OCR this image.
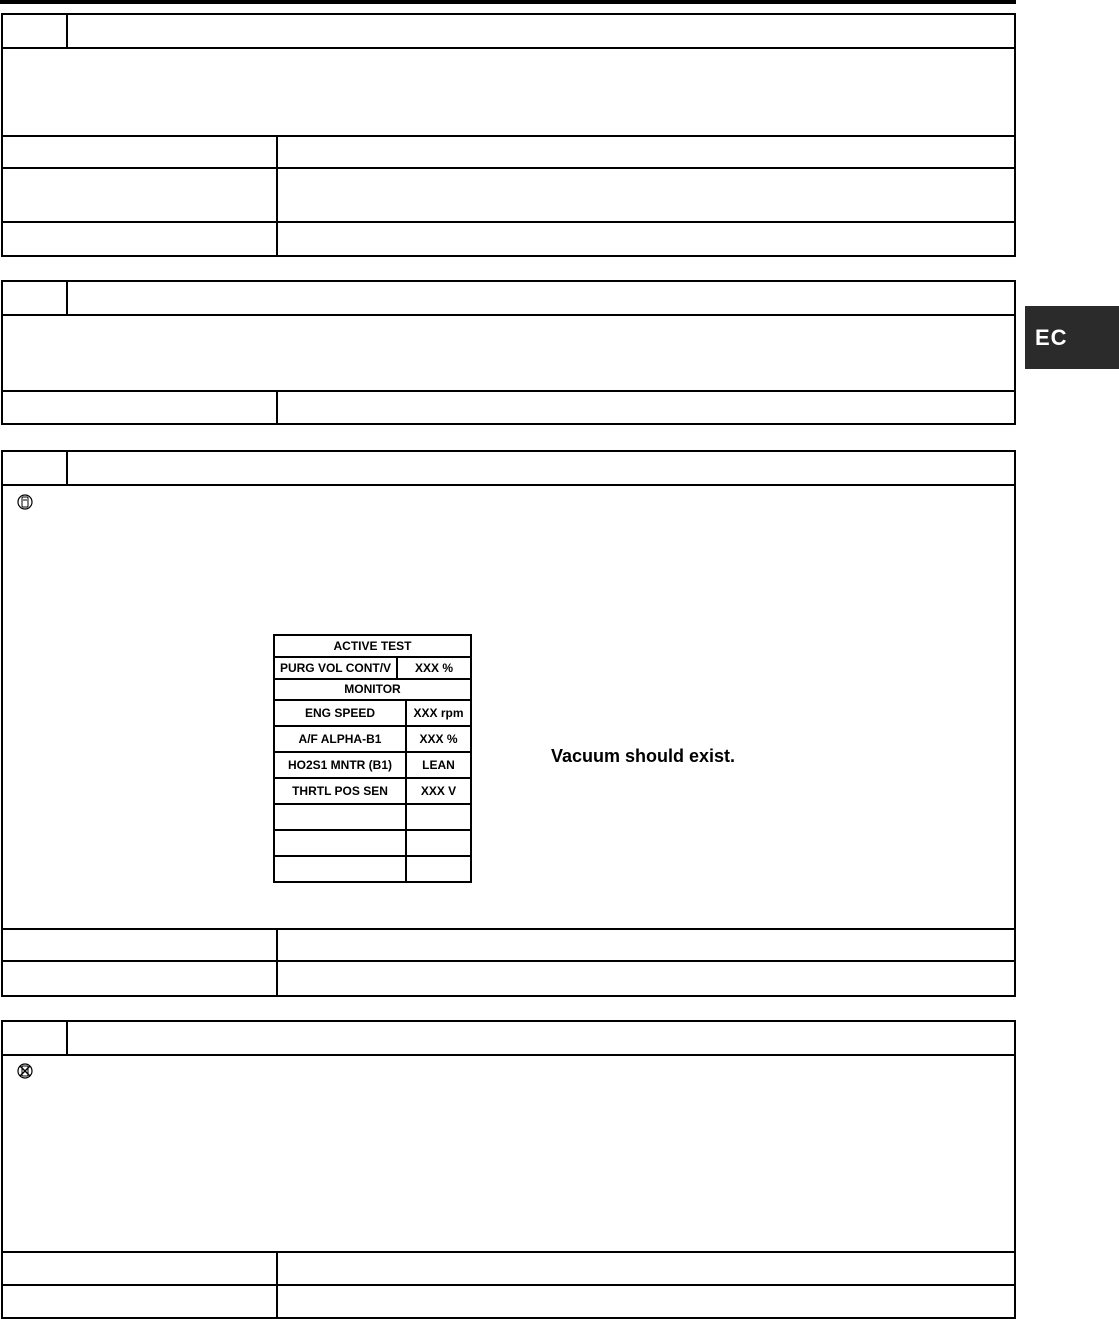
ACTIVE TEST
PURG VOL CONT/V	XXX %
MONITOR
ENG SPEED	XXX rpm
A/F ALPHA-B1	XXX %
HO2S1 MNTR (B1)	LEAN
THRTL POS SEN	XXX V
Vacuum should exist.
EC
